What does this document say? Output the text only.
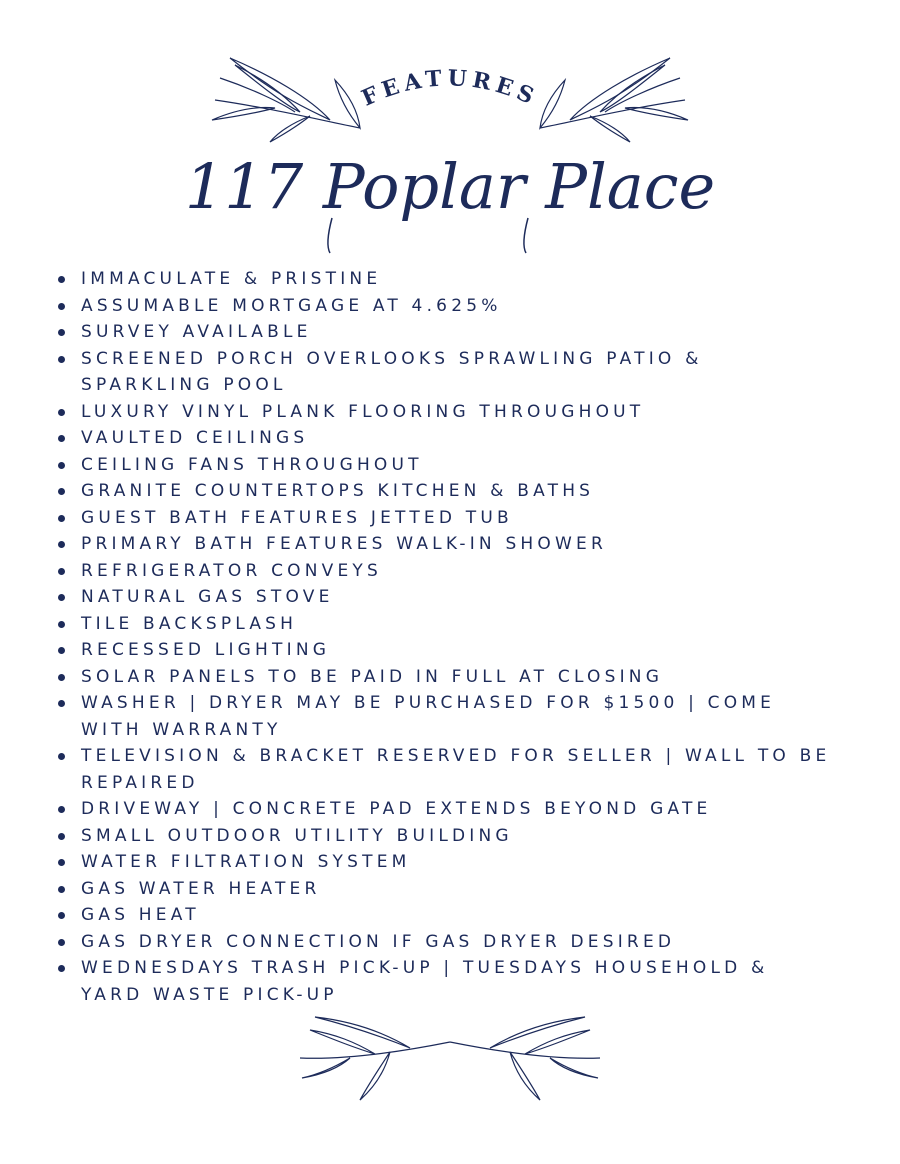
FEATURES
117 Poplar Place
IMMACULATE & PRISTINE
ASSUMABLE MORTGAGE AT 4.625%
SURVEY AVAILABLE
SCREENED PORCH OVERLOOKS SPRAWLING PATIO & SPARKLING POOL
LUXURY VINYL PLANK FLOORING THROUGHOUT
VAULTED CEILINGS
CEILING FANS THROUGHOUT
GRANITE COUNTERTOPS KITCHEN & BATHS
GUEST BATH FEATURES JETTED TUB
PRIMARY BATH FEATURES WALK-IN SHOWER
REFRIGERATOR CONVEYS
NATURAL GAS STOVE
TILE BACKSPLASH
RECESSED LIGHTING
SOLAR PANELS TO BE PAID IN FULL AT CLOSING
WASHER | DRYER MAY BE PURCHASED FOR $1500 | COME WITH WARRANTY
TELEVISION & BRACKET RESERVED FOR SELLER | WALL TO BE REPAIRED
DRIVEWAY | CONCRETE PAD EXTENDS BEYOND GATE
SMALL OUTDOOR UTILITY BUILDING
WATER FILTRATION SYSTEM
GAS WATER HEATER
GAS HEAT
GAS DRYER CONNECTION IF GAS DRYER DESIRED
WEDNESDAYS TRASH PICK-UP | TUESDAYS HOUSEHOLD & YARD WASTE PICK-UP
